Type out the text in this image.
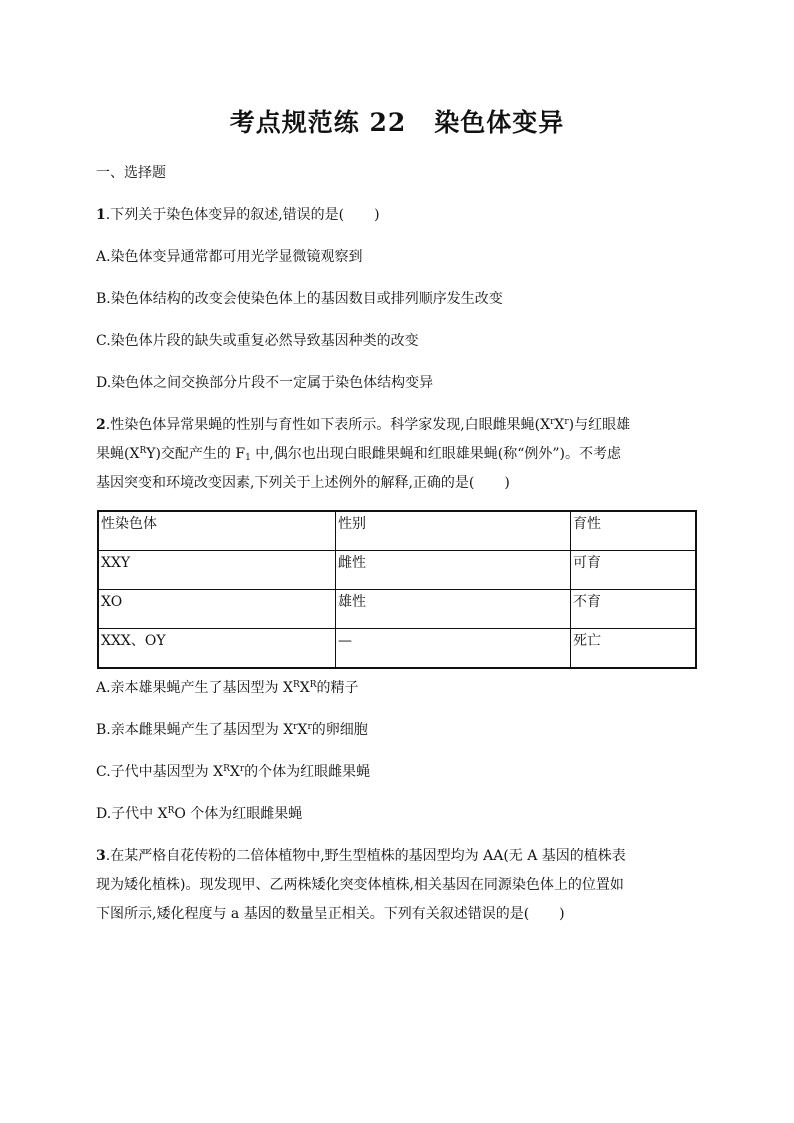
考点规范练 22 染色体变异
一、选择题
1.下列关于染色体变异的叙述,错误的是( )
A.染色体变异通常都可用光学显微镜观察到
B.染色体结构的改变会使染色体上的基因数目或排列顺序发生改变
C.染色体片段的缺失或重复必然导致基因种类的改变
D.染色体之间交换部分片段不一定属于染色体结构变异
2.性染色体异常果蝇的性别与育性如下表所示。科学家发现,白眼雌果蝇$(X^rX^r)$与红眼雄
果蝇$(X^RY)$交配产生的 $F_1$ 中,偶尔也出现白眼雌果蝇和红眼雄果蝇(称“例外”)。不考虑
基因突变和环境改变因素,下列关于上述例外的解释,正确的是( )
性染色体	性别	育性
XXY	雌性	可育
XO	雄性	不育
XXX、OY	—	死亡
A.亲本雄果蝇产生了基因型为 $X^RX^R$的精子
B.亲本雌果蝇产生了基因型为 $X^rX^r$的卵细胞
C.子代中基因型为 $X^RX^r$的个体为红眼雌果蝇
D.子代中 $X^RO$ 个体为红眼雌果蝇
3.在某严格自花传粉的二倍体植物中,野生型植株的基因型均为 AA(无 A 基因的植株表
现为矮化植株)。现发现甲、乙两株矮化突变体植株,相关基因在同源染色体上的位置如
下图所示,矮化程度与 a 基因的数量呈正相关。下列有关叙述错误的是( )
